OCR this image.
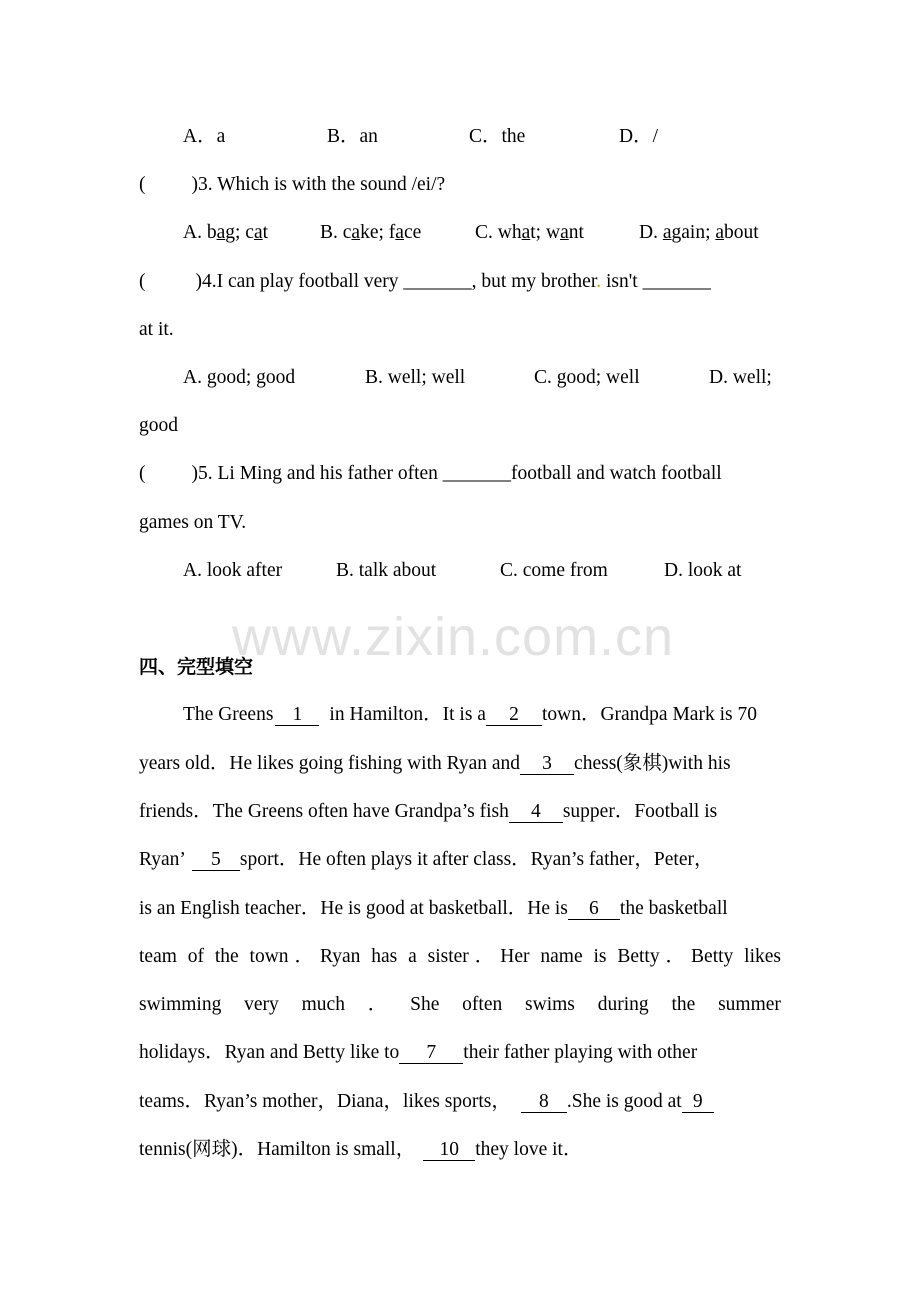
A．a	B．an	C．the	D．/
( )3. Which is with the sound /ei/?
A. bag; cat	B. cake; face	C. what; want	D. again; about
(	)4.I can play football very _______, but my brother. isn't _______
at it.
A. good; good	B. well; well	C. good; well	D. well;
good
( )5. Li Ming and his father often _______football and watch football
games on TV.
A. look after	B. talk about	C. come from	D. look at
www.zixin.com.cn
四、完型填空
The Greens 1 in Hamilton．It is a 2 town．Grandpa Mark is 70
years old．He likes going fishing with Ryan and 3 chess(象棋)with his
friends．The Greens often have Grandpa’s fish 4 supper．Football is
Ryan’ 5 sport．He often plays it after class．Ryan’s father，Peter，
is an English teacher．He is good at basketball．He is 6 the basketball
team of the town．Ryan has a sister．Her name is Betty．Betty likes
swimming very much ． She often swims during the summer
holidays．Ryan and Betty like to 7 their father playing with other
teams．Ryan’s mother，Diana，likes sports， 8 .She is good at 9
tennis(网球)．Hamilton is small， 10 they love it．
